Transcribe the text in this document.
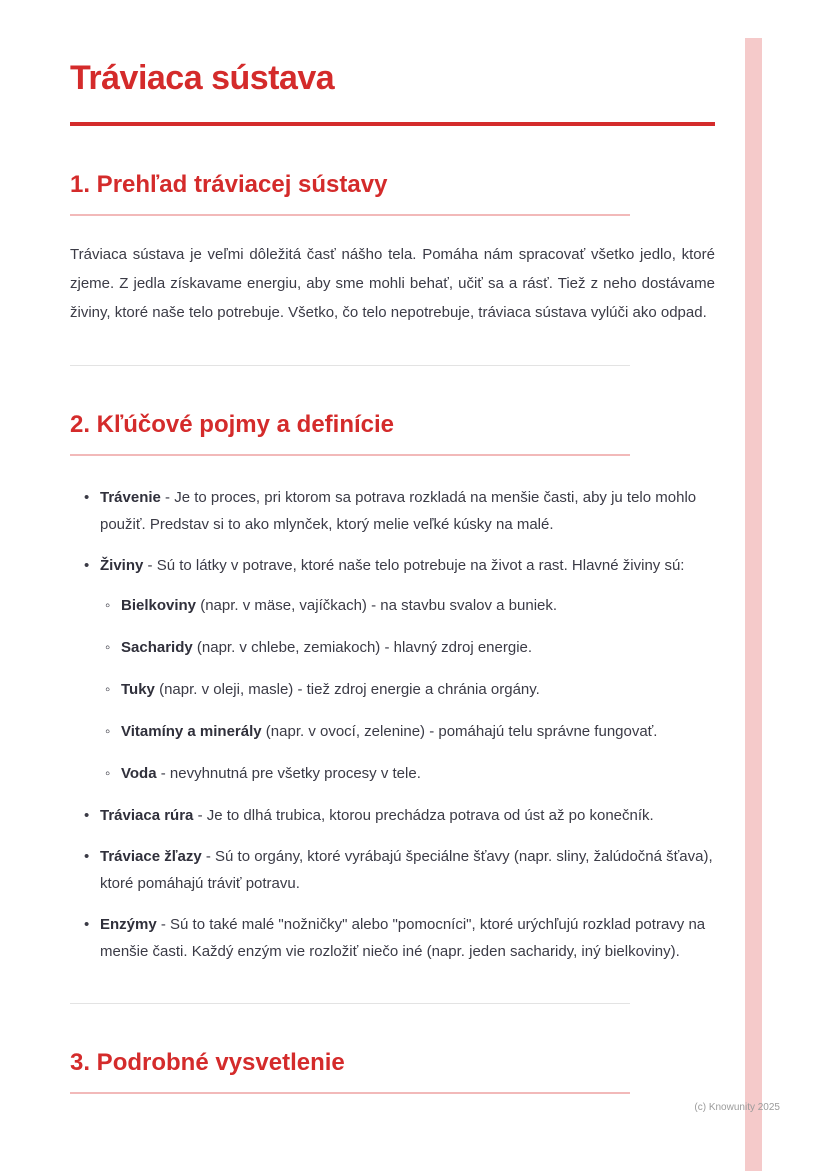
Tráviaca sústava
1. Prehľad tráviacej sústavy

Tráviaca sústava je veľmi dôležitá časť nášho tela. Pomáha nám spracovať všetko jedlo, ktoré zjeme. Z jedla získavame energiu, aby sme mohli behať, učiť sa a rásť. Tiež z neho dostávame živiny, ktoré naše telo potrebuje. Všetko, čo telo nepotrebuje, tráviaca sústava vylúči ako odpad.

2. Kľúčové pojmy a definície
• Trávenie - Je to proces, pri ktorom sa potrava rozkladá na menšie časti, aby ju telo mohlo použiť. Predstav si to ako mlynček, ktorý melie veľké kúsky na malé.
• Živiny - Sú to látky v potrave, ktoré naše telo potrebuje na život a rast. Hlavné živiny sú:
◦ Bielkoviny (napr. v mäse, vajíčkach) - na stavbu svalov a buniek.
◦ Sacharidy (napr. v chlebe, zemiakoch) - hlavný zdroj energie.
◦ Tuky (napr. v oleji, masle) - tiež zdroj energie a chránia orgány.
◦ Vitamíny a minerály (napr. v ovocí, zelenine) - pomáhajú telu správne fungovať.
◦ Voda - nevyhnutná pre všetky procesy v tele.
• Tráviaca rúra - Je to dlhá trubica, ktorou prechádza potrava od úst až po konečník.
• Tráviace žľazy - Sú to orgány, ktoré vyrábajú špeciálne šťavy (napr. sliny, žalúdočná šťava), ktoré pomáhajú tráviť potravu.
• Enzýmy - Sú to také malé "nožničky" alebo "pomocníci", ktoré urýchľujú rozklad potravy na menšie časti. Každý enzým vie rozložiť niečo iné (napr. jeden sacharidy, iný bielkoviny).
3. Podrobné vysvetlenie
(c) Knowunity 2025
